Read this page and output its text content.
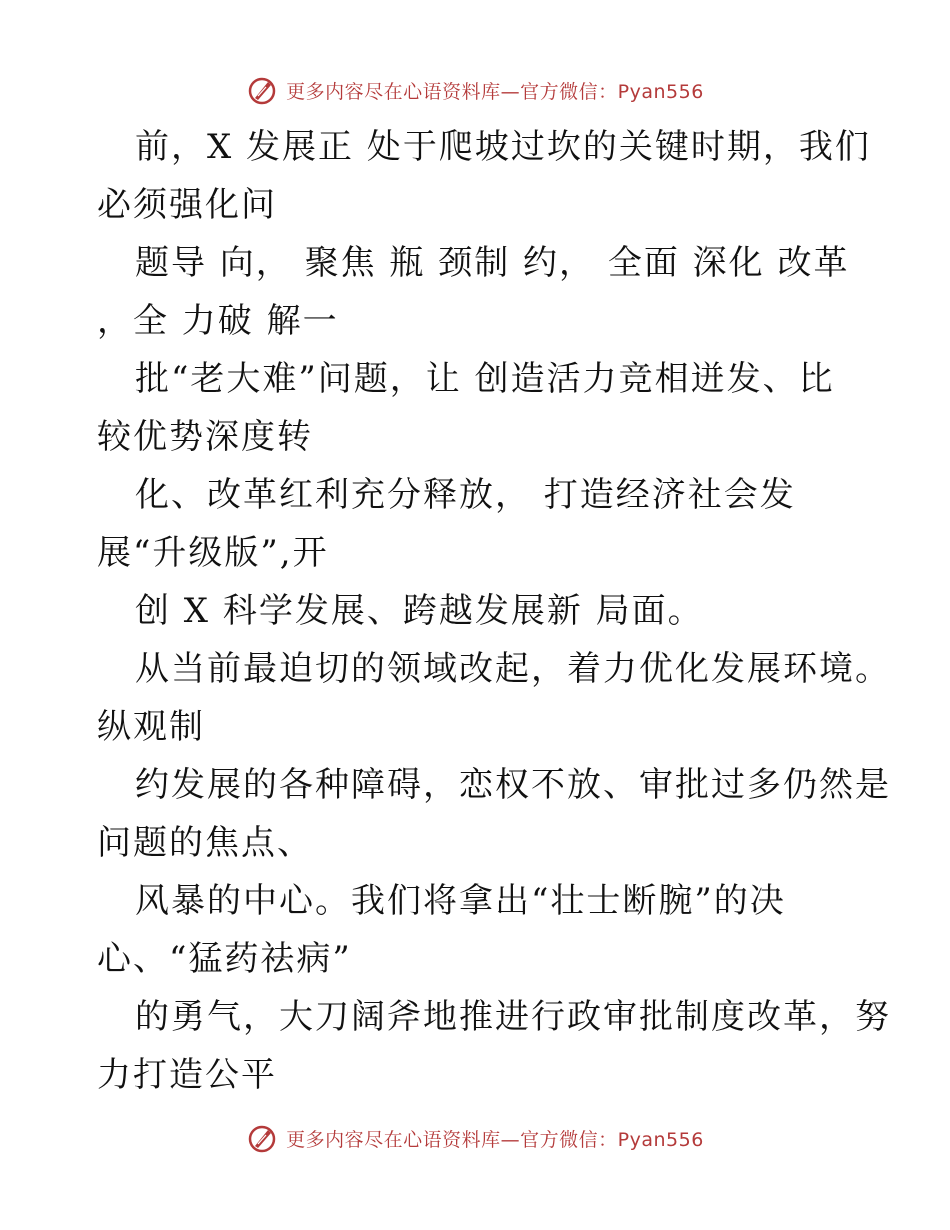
更多内容尽在心语资料库—官方微信：Pyan556
前，X 发展正 处于爬坡过坎的关键时期，我们
必须强化问
题导 向， 聚焦 瓶 颈制 约， 全面 深化 改革
，全 力破 解一
批“老大难”问题，让 创造活力竞相迸发、比
较优势深度转
化、改革红利充分释放， 打造经济社会发
展“升级版”,开
创 X 科学发展、跨越发展新 局面。
从当前最迫切的领域改起，着力优化发展环境。
纵观制
约发展的各种障碍，恋权不放、审批过多仍然是
问题的焦点、
风暴的中心。我们将拿出“壮士断腕”的决
心、“猛药祛病”
的勇气，大刀阔斧地推进行政审批制度改革，努
力打造公平
更多内容尽在心语资料库—官方微信：Pyan556
